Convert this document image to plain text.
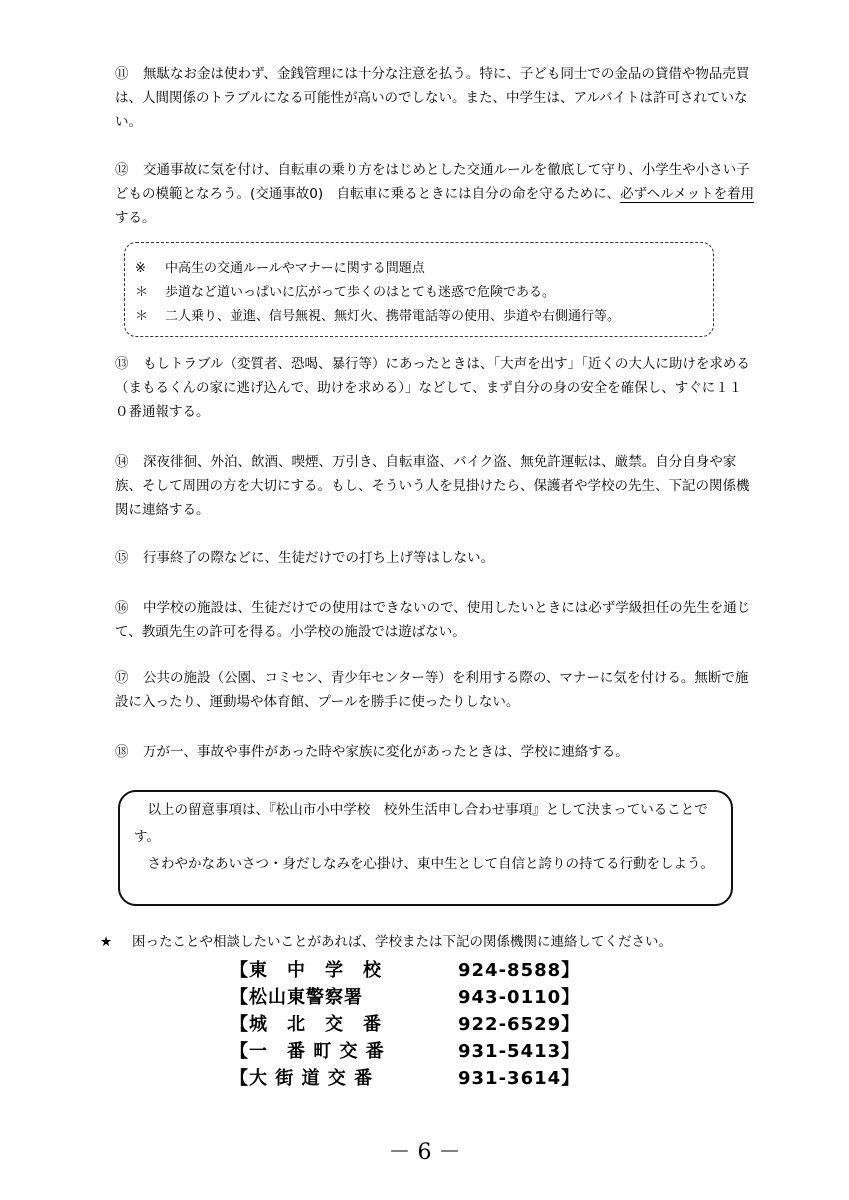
⑪ 無駄なお金は使わず、金銭管理には十分な注意を払う。特に、子ども同士での金品の貸借や物品売買は、人間関係のトラブルになる可能性が高いのでしない。また、中学生は、アルバイトは許可されていない。

⑫ 交通事故に気を付け、自転車の乗り方をはじめとした交通ルールを徹底して守り、小学生や小さい子どもの模範となろう。(交通事故0)　自転車に乗るときには自分の命を守るために、必ずヘルメットを着用する。

※ 中高生の交通ルールやマナーに関する問題点
＊ 歩道など道いっぱいに広がって歩くのはとても迷惑で危険である。
＊ 二人乗り、並進、信号無視、無灯火、携帯電話等の使用、歩道や右側通行等。

⑬ もしトラブル（変質者、恐喝、暴行等）にあったときは、「大声を出す」「近くの大人に助けを求める（まもるくんの家に逃げ込んで、助けを求める）」などして、まず自分の身の安全を確保し、すぐに１１０番通報する。

⑭ 深夜徘徊、外泊、飲酒、喫煙、万引き、自転車盗、バイク盗、無免許運転は、厳禁。自分自身や家族、そして周囲の方を大切にする。もし、そういう人を見掛けたら、保護者や学校の先生、下記の関係機関に連絡する。

⑮ 行事終了の際などに、生徒だけでの打ち上げ等はしない。

⑯ 中学校の施設は、生徒だけでの使用はできないので、使用したいときには必ず学級担任の先生を通じて、教頭先生の許可を得る。小学校の施設では遊ばない。

⑰ 公共の施設（公園、コミセン、青少年センター等）を利用する際の、マナーに気を付ける。無断で施設に入ったり、運動場や体育館、プールを勝手に使ったりしない。

⑱ 万が一、事故や事件があった時や家族に変化があったときは、学校に連絡する。

　以上の留意事項は、『松山市小中学校　校外生活申し合わせ事項』として決まっていることです。

　さわやかなあいさつ・身だしなみを心掛け、東中生として自信と誇りの持てる行動をしよう。

★ 困ったことや相談したいことがあれば、学校または下記の関係機関に連絡してください。
【東　中　学　校	924-8588】
【松山東警察署	943-0110】
【城　北　交　番	922-6529】
【一　番 町 交 番	931-5413】
【大 街 道 交 番	931-3614】
－ 6 －
